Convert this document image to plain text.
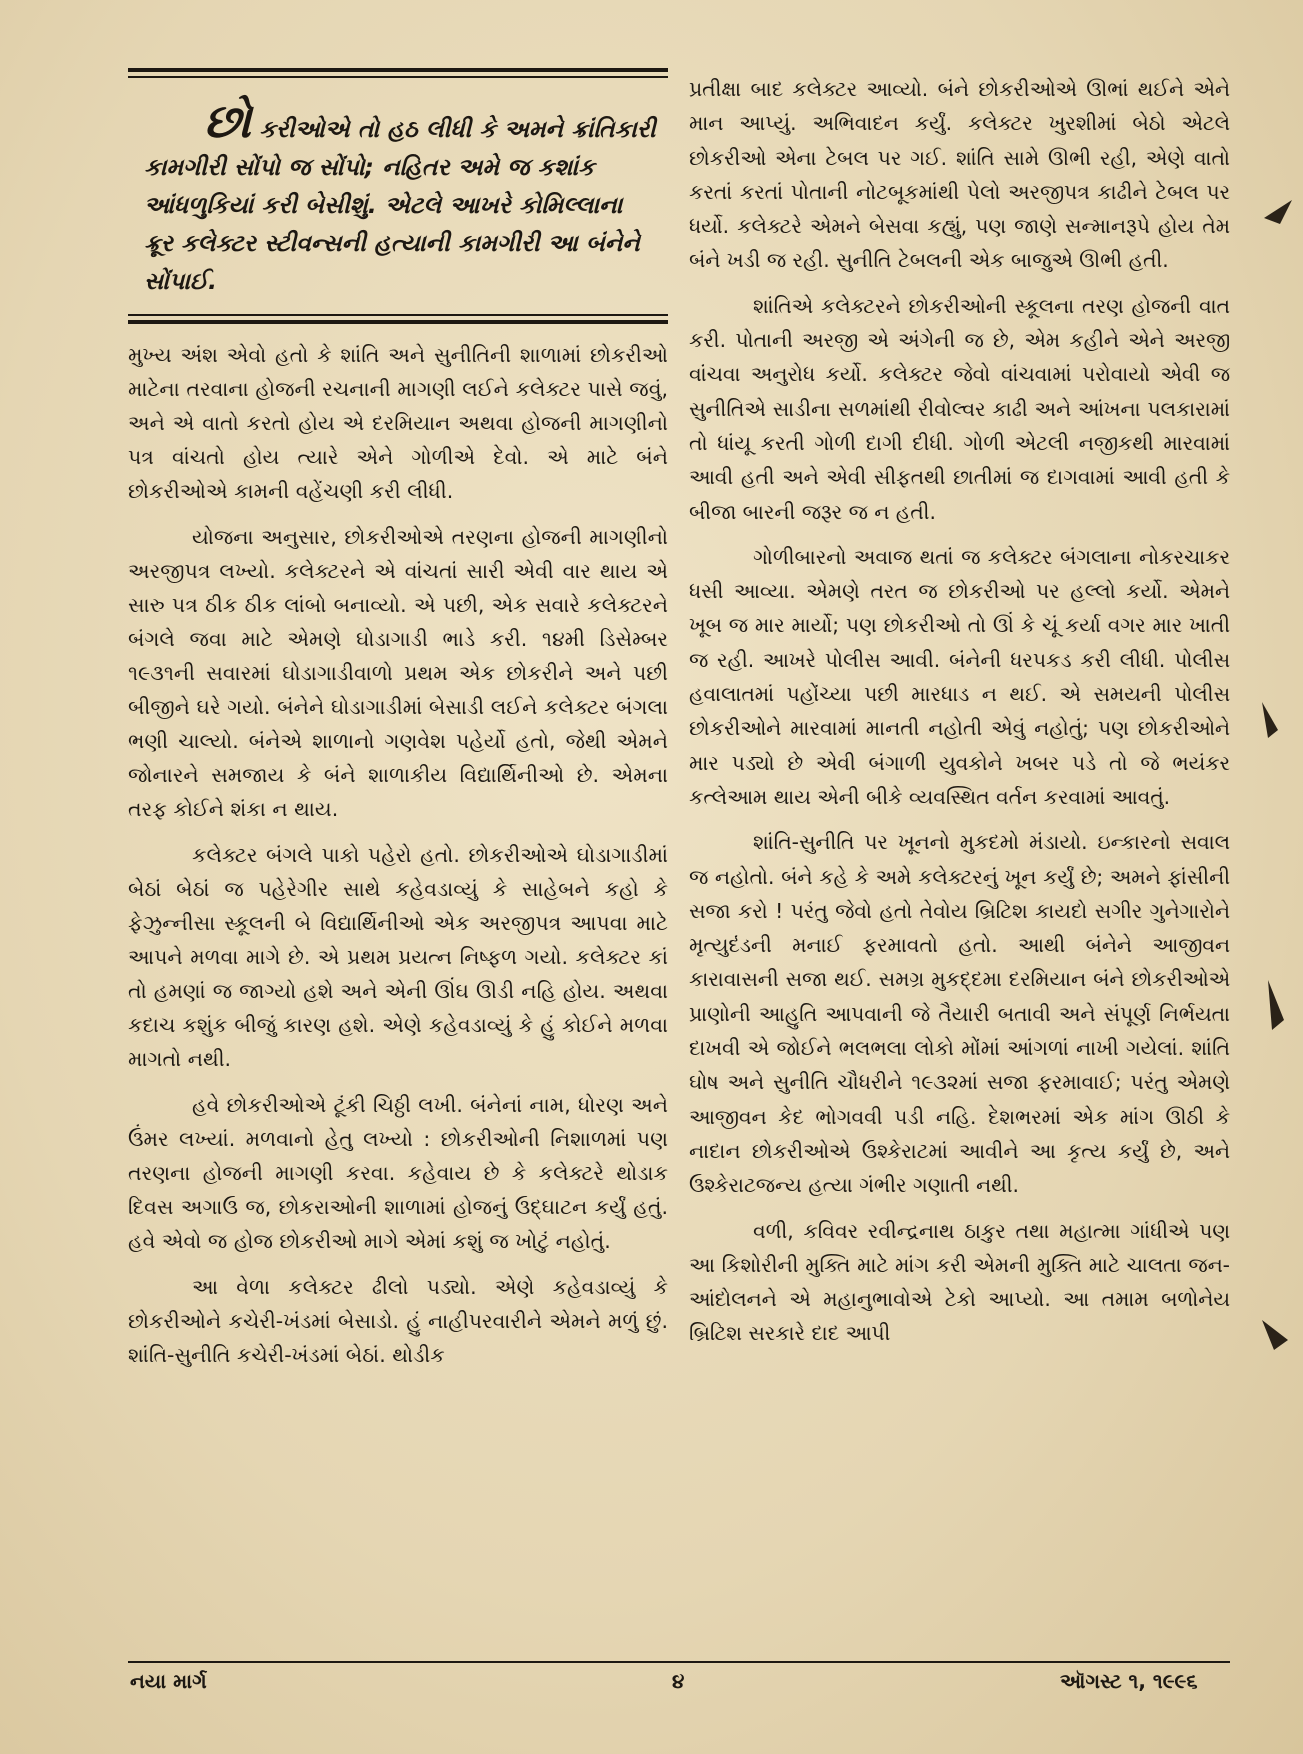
છો કરીઓએ તો હઠ લીધી કે અમને ક્રાંતિકારી કામગીરી સોંપો જ સોંપો; નહિતર અમે જ કશાંક આંધળુકિયાં કરી બેસીશું. એટલે આખરે કોમિલ્લાના ક્રૂર કલેક્ટર સ્ટીવન્સની હત્યાની કામગીરી આ બંનેને સોંપાઈ.

મુખ્ય અંશ એવો હતો કે શાંતિ અને સુનીતિની શાળામાં છોકરીઓ માટેના તરવાના હોજની રચનાની માગણી લઈને કલેક્ટર પાસે જવું, અને એ વાતો કરતો હોય એ દરમિયાન અથવા હોજની માગણીનો પત્ર વાંચતો હોય ત્યારે એને ગોળીએ દેવો. એ માટે બંને છોકરીઓએ કામની વહેંચણી કરી લીધી.

યોજના અનુસાર, છોકરીઓએ તરણના હોજની માગણીનો અરજીપત્ર લખ્યો. કલેક્ટરને એ વાંચતાં સારી એવી વાર થાય એ સારુ પત્ર ઠીક ઠીક લાંબો બનાવ્યો. એ પછી, એક સવારે કલેક્ટરને બંગલે જવા માટે એમણે ઘોડાગાડી ભાડે કરી. ૧૪મી ડિસેમ્બર ૧૯૩૧ની સવારમાં ઘોડાગાડીવાળો પ્રથમ એક છોકરીને અને પછી બીજીને ઘરે ગયો. બંનેને ઘોડાગાડીમાં બેસાડી લઈને કલેક્ટર બંગલા ભણી ચાલ્યો. બંનેએ શાળાનો ગણવેશ પહેર્યો હતો, જેથી એમને જોનારને સમજાય કે બંને શાળાકીય વિદ્યાર્થિનીઓ છે. એમના તરફ કોઈને શંકા ન થાય.

કલેક્ટર બંગલે પાકો પહેરો હતો. છોકરીઓએ ઘોડાગાડીમાં બેઠાં બેઠાં જ પહેરેગીર સાથે કહેવડાવ્યું કે સાહેબને કહો કે ફેઝુન્નીસા સ્કૂલની બે વિદ્યાર્થિનીઓ એક અરજીપત્ર આપવા માટે આપને મળવા માગે છે. એ પ્રથમ પ્રયત્ન નિષ્ફળ ગયો. કલેક્ટર કાં તો હમણાં જ જાગ્યો હશે અને એની ઊંઘ ઊડી નહિ હોય. અથવા કદાચ કશુંક બીજું કારણ હશે. એણે કહેવડાવ્યું કે હું કોઈને મળવા માગતો નથી.

હવે છોકરીઓએ ટૂંકી ચિઠ્ઠી લખી. બંનેનાં નામ, ધોરણ અને ઉંમર લખ્યાં. મળવાનો હેતુ લખ્યો : છોકરીઓની નિશાળમાં પણ તરણના હોજની માગણી કરવા. કહેવાય છે કે કલેક્ટરે થોડાક દિવસ અગાઉ જ, છોકરાઓની શાળામાં હોજનું ઉદ્ઘાટન કર્યું હતું. હવે એવો જ હોજ છોકરીઓ માગે એમાં કશું જ ખોટું નહોતું.

આ વેળા કલેક્ટર ઢીલો પડ્યો. એણે કહેવડાવ્યું કે છોકરીઓને કચેરી-ખંડમાં બેસાડો. હું નાહીપરવારીને એમને મળું છું. શાંતિ-સુનીતિ કચેરી-ખંડમાં બેઠાં. થોડીક

પ્રતીક્ષા બાદ કલેક્ટર આવ્યો. બંને છોકરીઓએ ઊભાં થઈને એને માન આપ્યું. અભિવાદન કર્યું. કલેક્ટર ખુરશીમાં બેઠો એટલે છોકરીઓ એના ટેબલ પર ગઈ. શાંતિ સામે ઊભી રહી, એણે વાતો કરતાં કરતાં પોતાની નોટબૂકમાંથી પેલો અરજીપત્ર કાઢીને ટેબલ પર ધર્યો. કલેક્ટરે એમને બેસવા કહ્યું, પણ જાણે સન્માનરૂપે હોય તેમ બંને ખડી જ રહી. સુનીતિ ટેબલની એક બાજુએ ઊભી હતી.

શાંતિએ કલેક્ટરને છોકરીઓની સ્કૂલના તરણ હોજની વાત કરી. પોતાની અરજી એ અંગેની જ છે, એમ કહીને એને અરજી વાંચવા અનુરોધ કર્યો. કલેક્ટર જેવો વાંચવામાં પરોવાયો એવી જ સુનીતિએ સાડીના સળમાંથી રીવોલ્વર કાઢી અને આંખના પલકારામાં તો ધાંયૂ કરતી ગોળી દાગી દીધી. ગોળી એટલી નજીકથી મારવામાં આવી હતી અને એવી સીફતથી છાતીમાં જ દાગવામાં આવી હતી કે બીજા બારની જરૂર જ ન હતી.

ગોળીબારનો અવાજ થતાં જ કલેક્ટર બંગલાના નોકરચાકર ધસી આવ્યા. એમણે તરત જ છોકરીઓ પર હલ્લો કર્યો. એમને ખૂબ જ માર માર્યો; પણ છોકરીઓ તો ઊં કે ચૂં કર્યા વગર માર ખાતી જ રહી. આખરે પોલીસ આવી. બંનેની ધરપકડ કરી લીધી. પોલીસ હવાલાતમાં પહોંચ્યા પછી મારધાડ ન થઈ. એ સમયની પોલીસ છોકરીઓને મારવામાં માનતી નહોતી એવું નહોતું; પણ છોકરીઓને માર પડ્યો છે એવી બંગાળી યુવકોને ખબર પડે તો જે ભયંકર કત્લેઆમ થાય એની બીકે વ્યવસ્થિત વર્તન કરવામાં આવતું.

શાંતિ-સુનીતિ પર ખૂનનો મુકદમો મંડાયો. ઇન્કારનો સવાલ જ નહોતો. બંને કહે કે અમે કલેક્ટરનું ખૂન કર્યું છે; અમને ફાંસીની સજા કરો ! પરંતુ જેવો હતો તેવોય બ્રિટિશ કાયદો સગીર ગુનેગારોને મૃત્યુદંડની મનાઈ ફરમાવતો હતો. આથી બંનેને આજીવન કારાવાસની સજા થઈ. સમગ્ર મુકદ્દમા દરમિયાન બંને છોકરીઓએ પ્રાણોની આહુતિ આપવાની જે તૈયારી બતાવી અને સંપૂર્ણ નિર્ભયતા દાખવી એ જોઈને ભલભલા લોકો મોંમાં આંગળાં નાખી ગયેલાં. શાંતિ ઘોષ અને સુનીતિ ચૌધરીને ૧૯૩૨માં સજા ફરમાવાઈ; પરંતુ એમણે આજીવન કેદ ભોગવવી પડી નહિ. દેશભરમાં એક માંગ ઊઠી કે નાદાન છોકરીઓએ ઉશ્કેરાટમાં આવીને આ કૃત્ય કર્યું છે, અને ઉશ્કેરાટજન્ય હત્યા ગંભીર ગણાતી નથી.

વળી, કવિવર રવીન્દ્રનાથ ઠાકુર તથા મહાત્મા ગાંધીએ પણ આ કિશોરીની મુક્તિ માટે માંગ કરી એમની મુક્તિ માટે ચાલતા જન-આંદોલનને એ મહાનુભાવોએ ટેકો આપ્યો. આ તમામ બળોનેય બ્રિટિશ સરકારે દાદ આપી

નયા માર્ગ	૪	ઑગસ્ટ ૧, ૧૯૯૬
